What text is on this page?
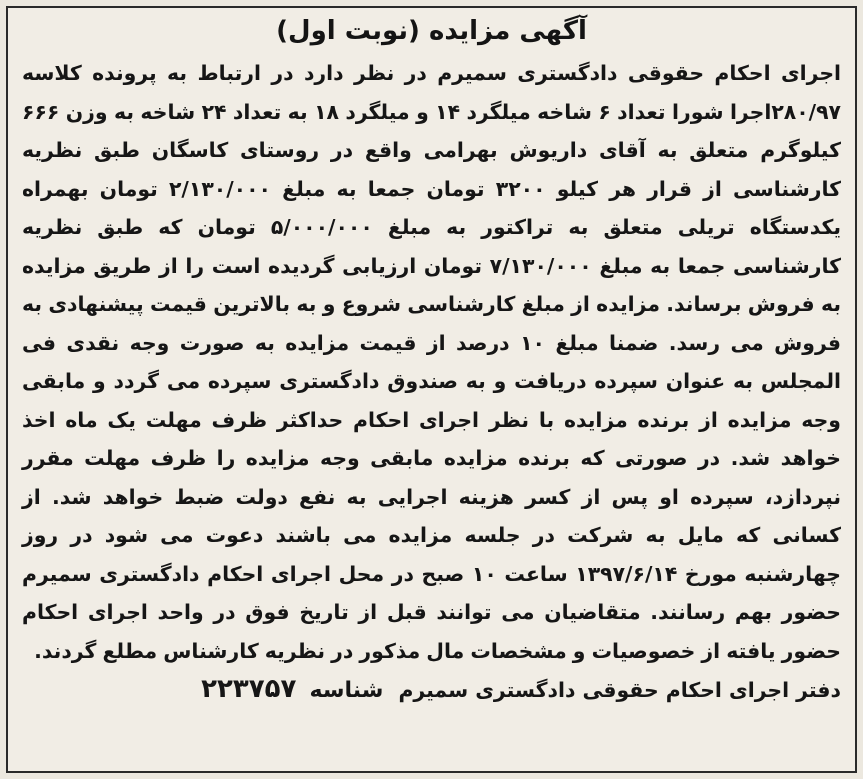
آگهی مزایده (نوبت اول)

اجرای احکام حقوقی دادگستری سمیرم در نظر دارد در ارتباط به پرونده کلاسه ۲۸۰/۹۷اجرا شورا تعداد ۶ شاخه میلگرد ۱۴ و میلگرد ۱۸ به تعداد ۲۴ شاخه به وزن ۶۶۶ کیلوگرم متعلق به آقای داریوش بهرامی واقع در روستای کاسگان طبق نظریه کارشناسی از قرار هر کیلو ۳۲۰۰ تومان جمعا به مبلغ ۲/۱۳۰/۰۰۰ تومان بهمراه یکدستگاه تریلی متعلق به تراکتور به مبلغ ۵/۰۰۰/۰۰۰ تومان که طبق نظریه کارشناسی جمعا به مبلغ ۷/۱۳۰/۰۰۰ تومان ارزیابی گردیده است را از طریق مزایده به فروش برساند. مزایده از مبلغ کارشناسی شروع و به بالاترین قیمت پیشنهادی به فروش می رسد. ضمنا مبلغ ۱۰ درصد از قیمت مزایده به صورت وجه نقدی فی المجلس به عنوان سپرده دریافت و به صندوق دادگستری سپرده می گردد و مابقی وجه مزایده از برنده مزایده با نظر اجرای احکام حداکثر ظرف مهلت یک ماه اخذ خواهد شد. در صورتی که برنده مزایده مابقی وجه مزایده را ظرف مهلت مقرر نپردازد، سپرده او پس از کسر هزینه اجرایی به نفع دولت ضبط خواهد شد. از کسانی که مایل به شرکت در جلسه مزایده می باشند دعوت می شود در روز چهارشنبه مورخ ۱۳۹۷/۶/۱۴ ساعت ۱۰ صبح در محل اجرای احکام دادگستری سمیرم حضور بهم رسانند. متقاضیان می توانند قبل از تاریخ فوق در واحد اجرای احکام حضور یافته از خصوصیات و مشخصات مال مذکور در نظریه کارشناس مطلع گردند.

دفتر اجرای احکام حقوقی دادگستری سمیرم شناسه ۲۲۳۷۵۷
